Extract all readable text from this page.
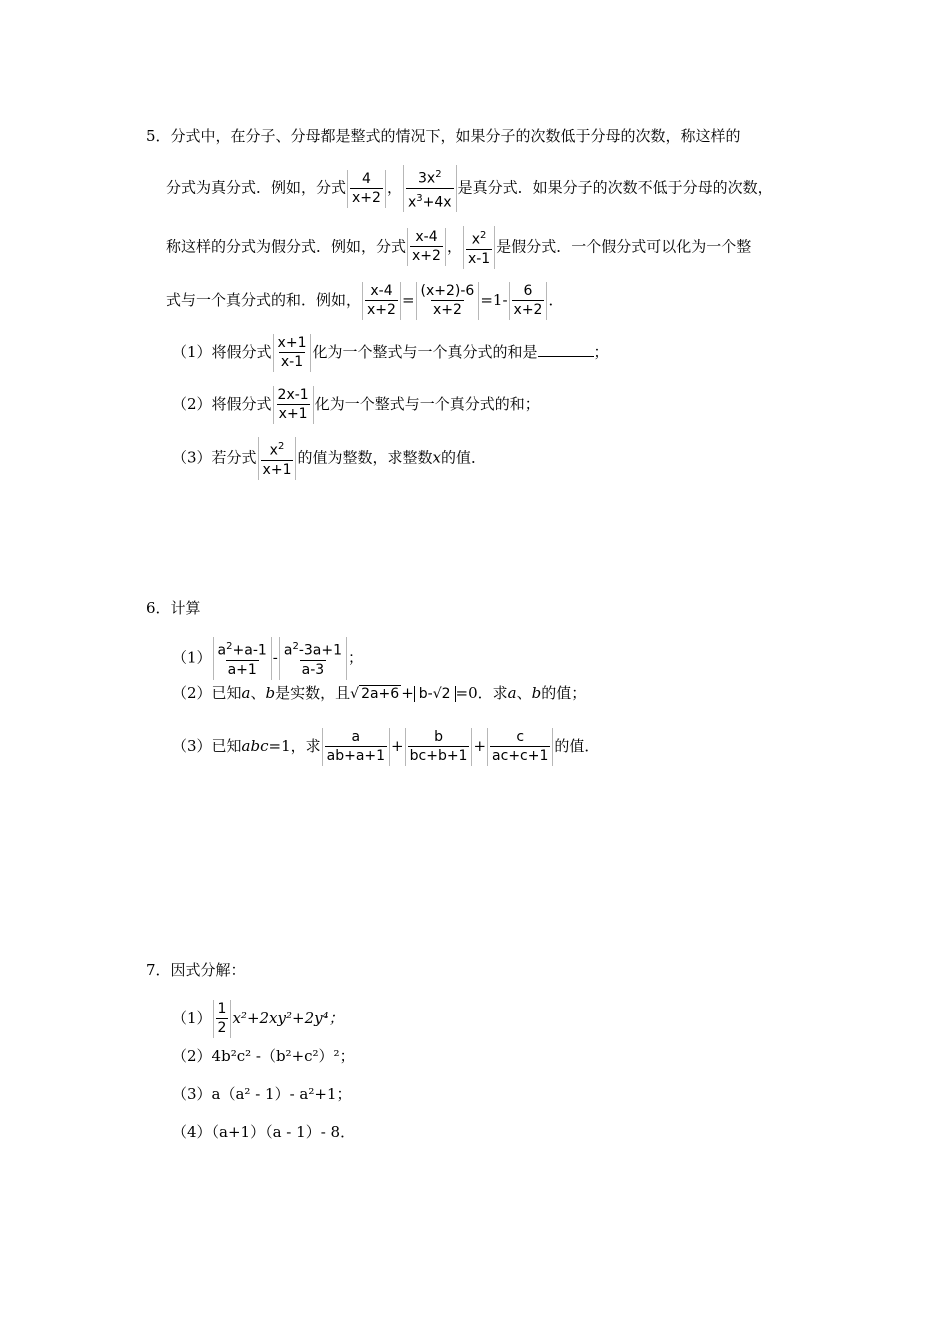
5．分式中，在分子、分母都是整式的情况下，如果分子的次数低于分母的次数，称这样的
分式为真分式．例如，分式 $\frac{4}{x+2}$ ， $\frac{3x^2}{x^3+4x}$ 是真分式．如果分子的次数不低于分母的次数，
称这样的分式为假分式．例如，分式 $\frac{x-4}{x+2}$ ， $\frac{x^2}{x-1}$ 是假分式．一个假分式可以化为一个整
式与一个真分式的和．例如， $\frac{x-4}{x+2} = \frac{(x+2)-6}{x+2} =1- \frac{6}{x+2}$ ．
（1）将假分式 $\frac{x+1}{x-1}$ 化为一个整式与一个真分式的和是	；
（2）将假分式 $\frac{2x-1}{x+1}$ 化为一个整式与一个真分式的和；
（3）若分式 $\frac{x^2}{x+1}$ 的值为整数，求整数x的值．
6．计算
$(1) \frac{a^2+a-1}{a+1} - \frac{a^2-3a+1}{a-3}$ ；
（2）已知a、b是实数，且√ 2a+6 + b-√2 =0．求a、b的值；
（3）已知abc=1，求 $\frac{a}{ab+a+1} + \frac{b}{bc+b+1} + \frac{c}{ac+c+1}$ 的值．
7．因式分解：
$(1) \frac{1}{2} x^2+2xy^2+2y^4$；
（2）4b²c² -（b²+c²）²；
（3）a（a² - 1）- a²+1；
（4）（a+1）（a - 1）- 8．
